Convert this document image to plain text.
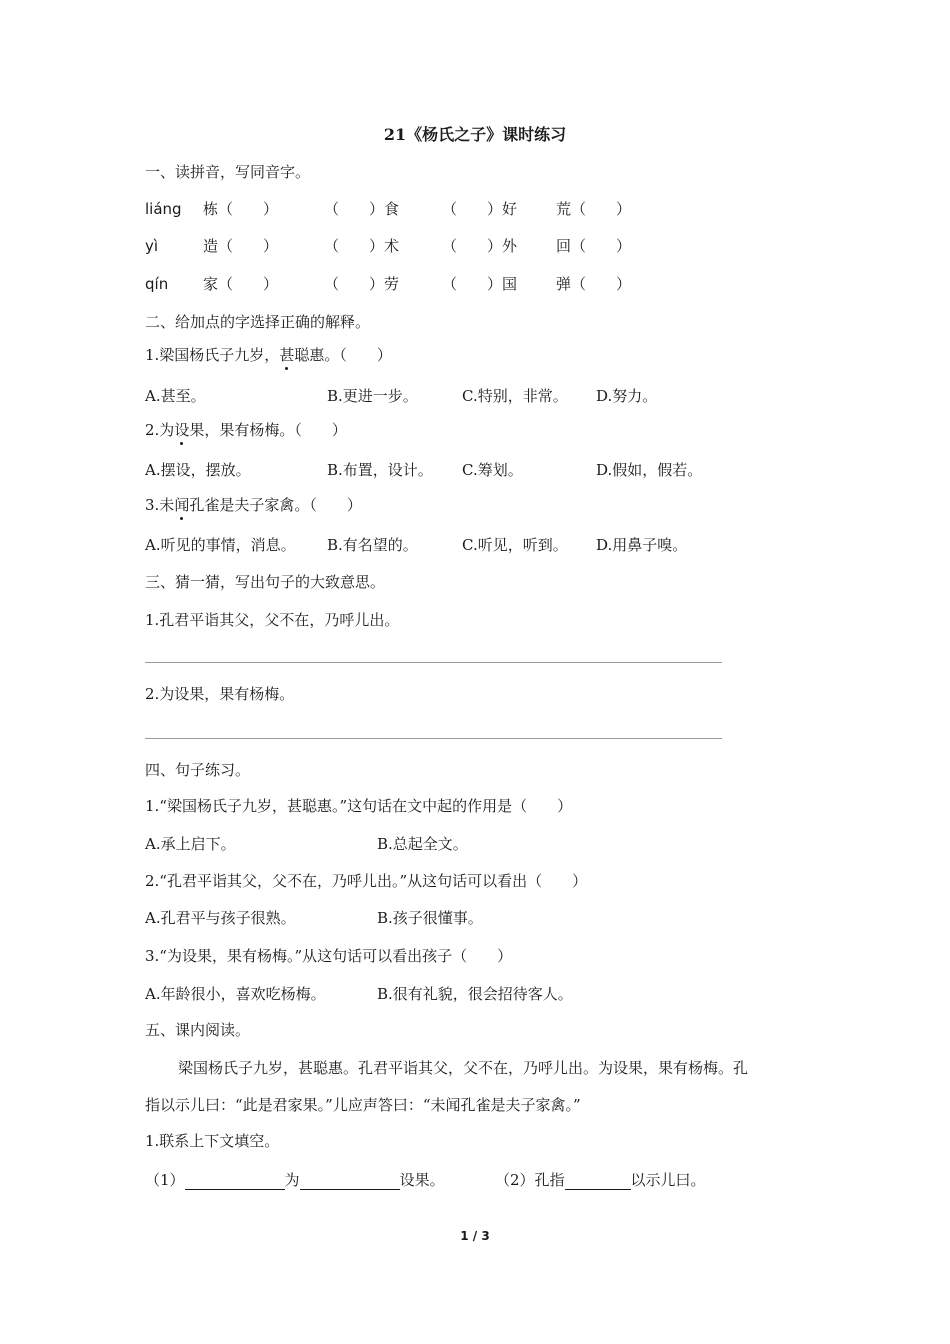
21《杨氏之子》课时练习
一、读拼音，写同音字。
liáng 栋（　　）	（　　）食	（　　）好	荒（　　）
yì	造（　　）	（　　）术	（　　）外	回（　　）
qín 家（　　）	（　　）劳	（　　）国	弹（　　）
二、给加点的字选择正确的解释。
1.梁国杨氏子九岁，甚聪惠。（　　）
A.甚至。	B.更进一步。	C.特别，非常。 D.努力。
2.为设果，果有杨梅。（　　）
A.摆设，摆放。	B.布置，设计。 C.筹划。	D.假如，假若。
3.未闻孔雀是夫子家禽。（　　）
A.听见的事情，消息。 B.有名望的。	C.听见，听到。 D.用鼻子嗅。
三、猜一猜，写出句子的大致意思。
1.孔君平诣其父，父不在，乃呼儿出。
2.为设果，果有杨梅。
四、句子练习。
1.“梁国杨氏子九岁，甚聪惠。”这句话在文中起的作用是（　　）
A.承上启下。	B.总起全文。
2.“孔君平诣其父，父不在，乃呼儿出。”从这句话可以看出（　　）
A.孔君平与孩子很熟。	B.孩子很懂事。
3.“为设果，果有杨梅。”从这句话可以看出孩子（　　）
A.年龄很小，喜欢吃杨梅。	B.很有礼貌，很会招待客人。
五、课内阅读。
梁国杨氏子九岁，甚聪惠。孔君平诣其父，父不在，乃呼儿出。为设果，果有杨梅。孔
指以示儿曰：“此是君家果。”儿应声答曰：“未闻孔雀是夫子家禽。”
1.联系上下文填空。
（1）	为	设果。	（2）孔指	以示儿曰。
1 / 3
